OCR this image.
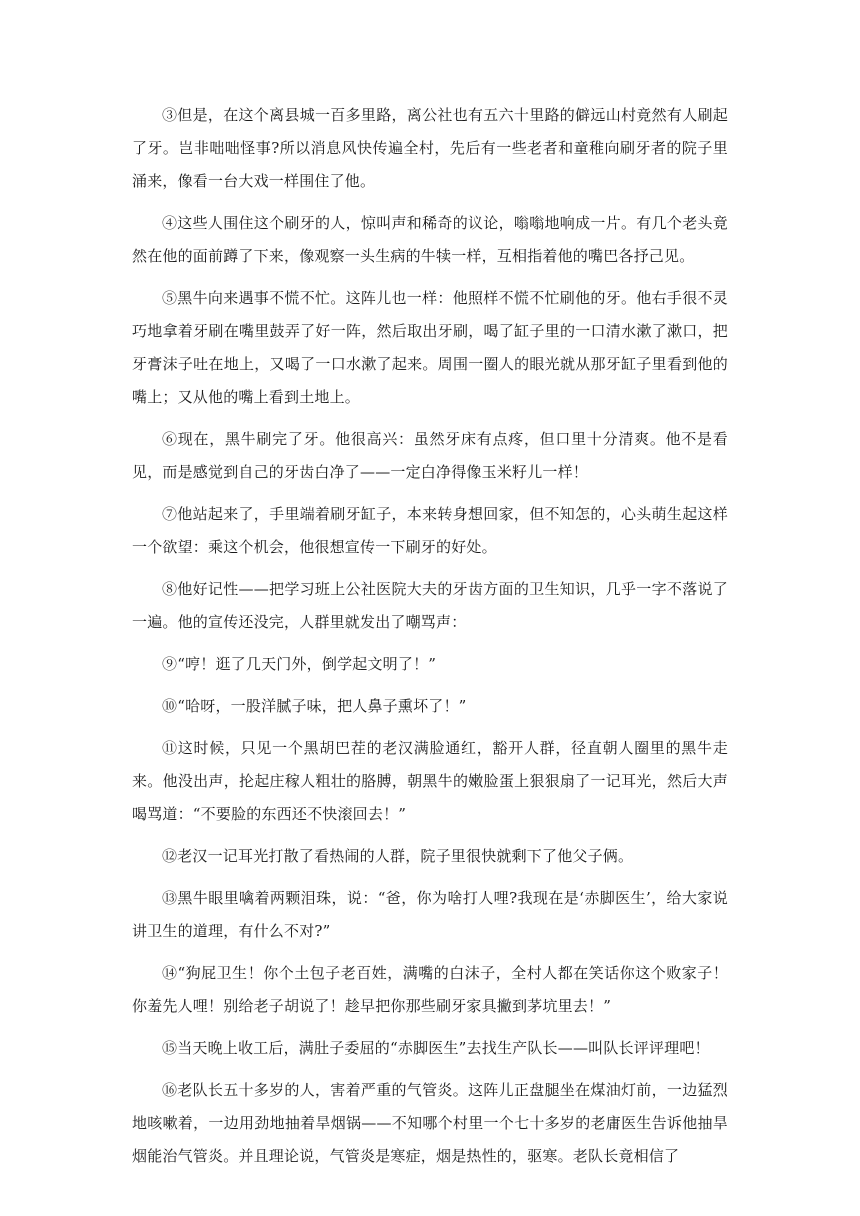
③但是，在这个离县城一百多里路，离公社也有五六十里路的僻远山村竟然有人刷起了牙。岂非咄咄怪事?所以消息风快传遍全村，先后有一些老者和童稚向刷牙者的院子里涌来，像看一台大戏一样围住了他。

④这些人围住这个刷牙的人，惊叫声和稀奇的议论，嗡嗡地响成一片。有几个老头竟然在他的面前蹲了下来，像观察一头生病的牛犊一样，互相指着他的嘴巴各抒己见。

⑤黑牛向来遇事不慌不忙。这阵儿也一样：他照样不慌不忙刷他的牙。他右手很不灵巧地拿着牙刷在嘴里鼓弄了好一阵，然后取出牙刷，喝了缸子里的一口清水漱了漱口，把牙膏沫子吐在地上，又喝了一口水漱了起来。周围一圈人的眼光就从那牙缸子里看到他的嘴上；又从他的嘴上看到土地上。

⑥现在，黑牛刷完了牙。他很高兴：虽然牙床有点疼，但口里十分清爽。他不是看见，而是感觉到自己的牙齿白净了——一定白净得像玉米籽儿一样！

⑦他站起来了，手里端着刷牙缸子，本来转身想回家，但不知怎的，心头萌生起这样一个欲望：乘这个机会，他很想宣传一下刷牙的好处。

⑧他好记性——把学习班上公社医院大夫的牙齿方面的卫生知识，几乎一字不落说了一遍。他的宣传还没完，人群里就发出了嘲骂声：

⑨“哼！逛了几天门外，倒学起文明了！”

⑩“哈呀，一股洋腻子味，把人鼻子熏坏了！”

⑪这时候，只见一个黑胡巴茬的老汉满脸通红，豁开人群，径直朝人圈里的黑牛走来。他没出声，抡起庄稼人粗壮的胳膊，朝黑牛的嫩脸蛋上狠狠扇了一记耳光，然后大声喝骂道：“不要脸的东西还不快滚回去！”

⑫老汉一记耳光打散了看热闹的人群，院子里很快就剩下了他父子俩。

⑬黑牛眼里噙着两颗泪珠，说：“爸，你为啥打人哩?我现在是‘赤脚医生’，给大家说讲卫生的道理，有什么不对?”

⑭“狗屁卫生！你个土包子老百姓，满嘴的白沫子，全村人都在笑话你这个败家子！你羞先人哩！别给老子胡说了！趁早把你那些刷牙家具撇到茅坑里去！”

⑮当天晚上收工后，满肚子委屈的“赤脚医生”去找生产队长——叫队长评评理吧！

⑯老队长五十多岁的人，害着严重的气管炎。这阵儿正盘腿坐在煤油灯前，一边猛烈地咳嗽着，一边用劲地抽着旱烟锅——不知哪个村里一个七十多岁的老庸医生告诉他抽旱烟能治气管炎。并且理论说，气管炎是寒症，烟是热性的，驱寒。老队长竟相信了
